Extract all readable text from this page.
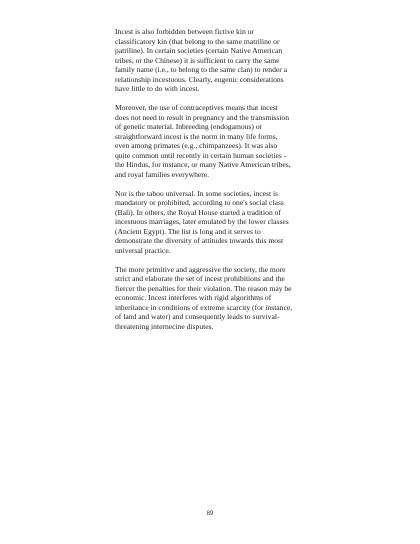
Incest is also forbidden between fictive kin or
classificatory kin (that belong to the same matriline or
patriline). In certain societies (certain Native American
tribes, or the Chinese) it is sufficient to carry the same
family name (i.e., to belong to the same clan) to render a
relationship incestuous. Clearly, eugenic considerations
have little to do with incest.

Moreover, the use of contraceptives means that incest
does not need to result in pregnancy and the transmission
of genetic material. Inbreeding (endogamous) or
straightforward incest is the norm in many life forms,
even among primates (e.g., chimpanzees). It was also
quite common until recently in certain human societies -
the Hindus, for instance, or many Native American tribes,
and royal families everywhere.

Nor is the taboo universal. In some societies, incest is
mandatory or prohibited, according to one's social class
(Bali). In others, the Royal House started a tradition of
incestuous marriages, later emulated by the lower classes
(Ancient Egypt). The list is long and it serves to
demonstrate the diversity of attitudes towards this most
universal practice.

The more primitive and aggressive the society, the more
strict and elaborate the set of incest prohibitions and the
fiercer the penalties for their violation. The reason may be
economic. Incest interferes with rigid algorithms of
inheritance in conditions of extreme scarcity (for instance,
of land and water) and consequently leads to survival-
threatening internecine disputes.

89
